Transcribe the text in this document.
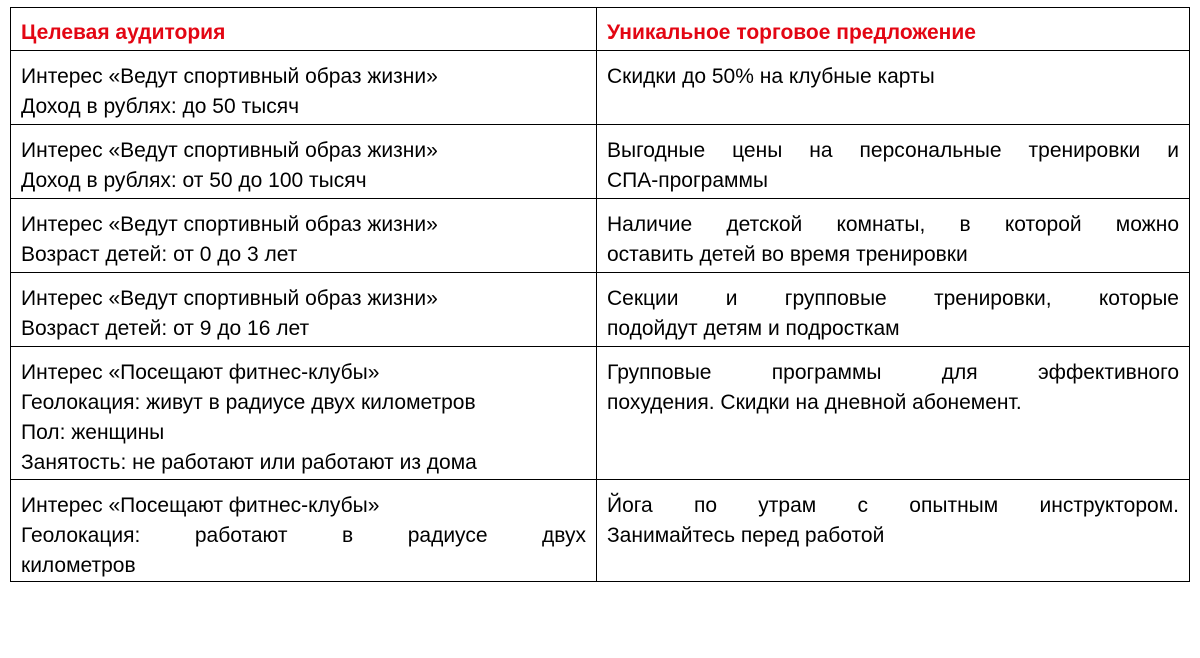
Целевая аудитория	Уникальное торговое предложение

Интерес «Ведут спортивный образ жизни»
Доход в рублях: до 50 тысяч	Скидки до 50% на клубные карты

Интерес «Ведут спортивный образ жизни»
Доход в рублях: от 50 до 100 тысяч	Выгодные цены на персональные тренировки и
СПА-программы

Интерес «Ведут спортивный образ жизни»
Возраст детей: от 0 до 3 лет	Наличие детской комнаты, в которой можно
оставить детей во время тренировки

Интерес «Ведут спортивный образ жизни»
Возраст детей: от 9 до 16 лет	Секции и групповые тренировки, которые
подойдут детям и подросткам

Интерес «Посещают фитнес-клубы»
Геолокация: живут в радиусе двух километров
Пол: женщины
Занятость: не работают или работают из дома	Групповые программы для эффективного
похудения. Скидки на дневной абонемент.

Интерес «Посещают фитнес-клубы»
Геолокация: работают в радиусе двух
километров	Йога по утрам с опытным инструктором.
Занимайтесь перед работой
